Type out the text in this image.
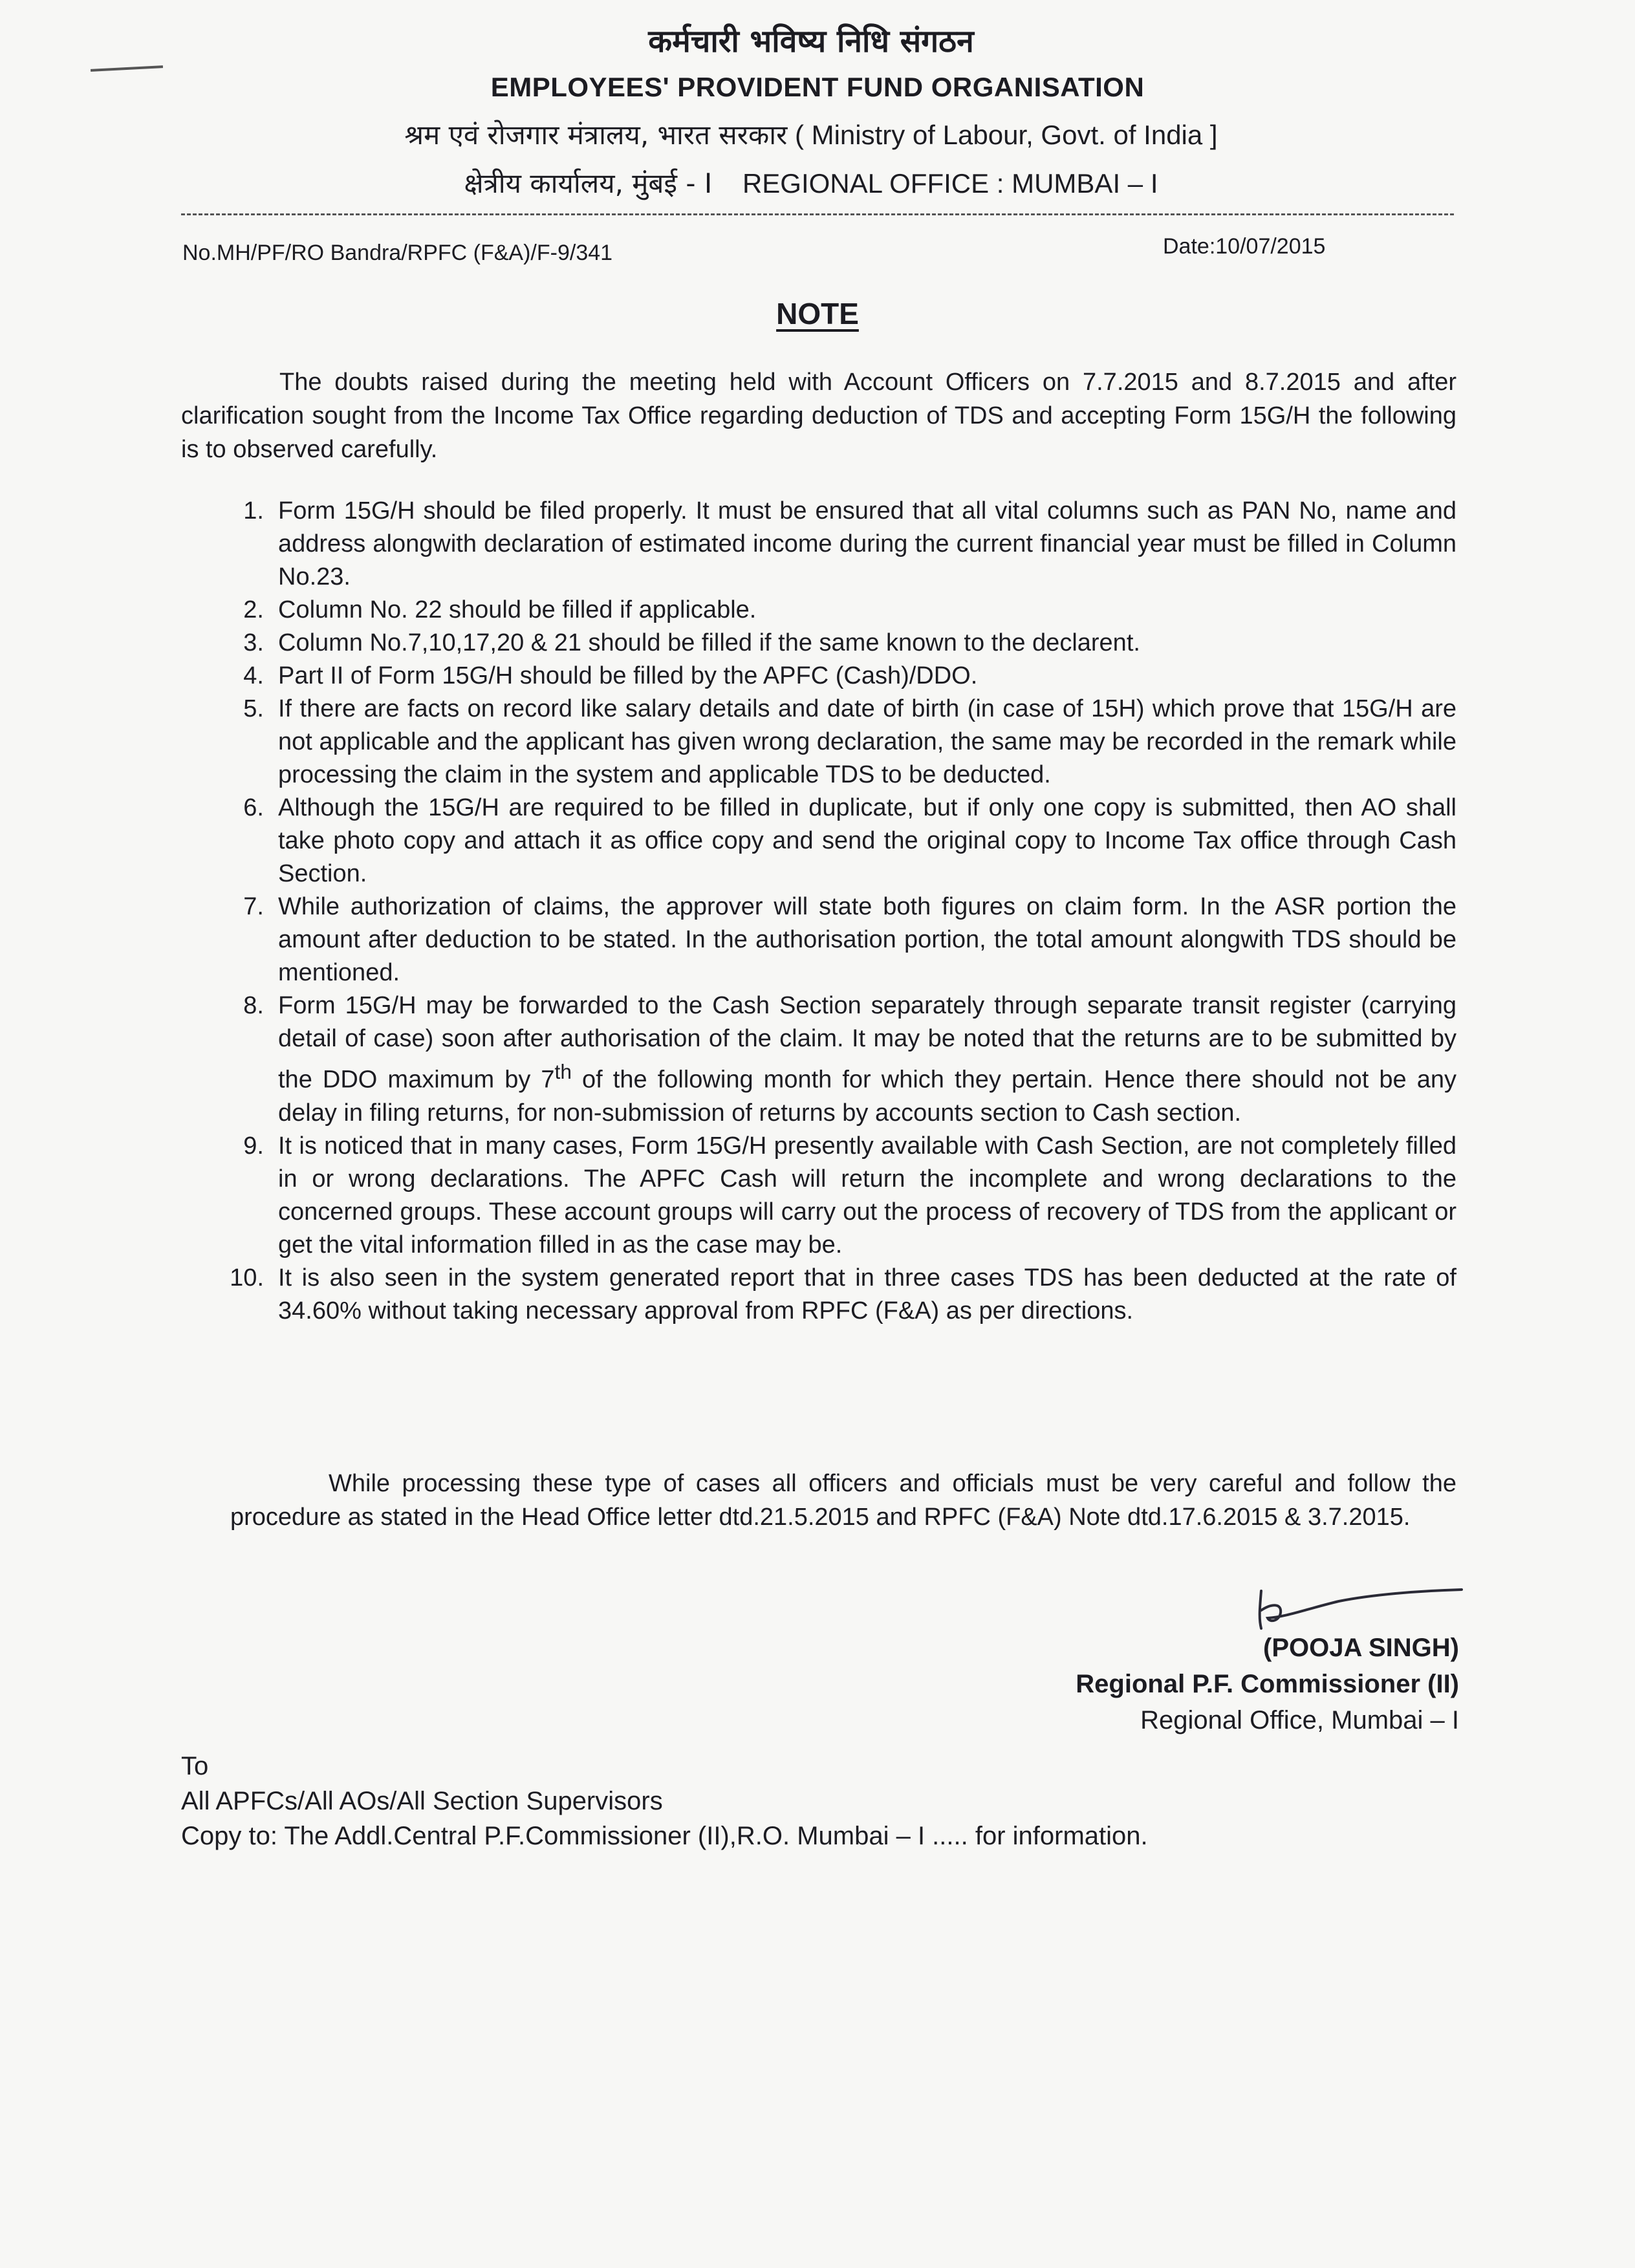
कर्मचारी भविष्य निधि संगठन
EMPLOYEES' PROVIDENT FUND ORGANISATION
श्रम एवं रोजगार मंत्रालय, भारत सरकार ( Ministry of Labour, Govt. of India ]
क्षेत्रीय कार्यालय, मुंबई - I REGIONAL OFFICE : MUMBAI – I
No.MH/PF/RO Bandra/RPFC (F&A)/F-9/341	Date:10/07/2015
NOTE
The doubts raised during the meeting held with Account Officers on 7.7.2015 and 8.7.2015 and after clarification sought from the Income Tax Office regarding deduction of TDS and accepting Form 15G/H the following is to observed carefully.
1. Form 15G/H should be filed properly. It must be ensured that all vital columns such as PAN No, name and address alongwith declaration of estimated income during the current financial year must be filled in Column No.23.
2. Column No. 22 should be filled if applicable.
3. Column No.7,10,17,20 & 21 should be filled if the same known to the declarent.
4. Part II of Form 15G/H should be filled by the APFC (Cash)/DDO.
5. If there are facts on record like salary details and date of birth (in case of 15H) which prove that 15G/H are not applicable and the applicant has given wrong declaration, the same may be recorded in the remark while processing the claim in the system and applicable TDS to be deducted.
6. Although the 15G/H are required to be filled in duplicate, but if only one copy is submitted, then AO shall take photo copy and attach it as office copy and send the original copy to Income Tax office through Cash Section.
7. While authorization of claims, the approver will state both figures on claim form. In the ASR portion the amount after deduction to be stated. In the authorisation portion, the total amount alongwith TDS should be mentioned.
8. Form 15G/H may be forwarded to the Cash Section separately through separate transit register (carrying detail of case) soon after authorisation of the claim. It may be noted that the returns are to be submitted by the DDO maximum by 7th of the following month for which they pertain. Hence there should not be any delay in filing returns, for non-submission of returns by accounts section to Cash section.
9. It is noticed that in many cases, Form 15G/H presently available with Cash Section, are not completely filled in or wrong declarations. The APFC Cash will return the incomplete and wrong declarations to the concerned groups. These account groups will carry out the process of recovery of TDS from the applicant or get the vital information filled in as the case may be.
10. It is also seen in the system generated report that in three cases TDS has been deducted at the rate of 34.60% without taking necessary approval from RPFC (F&A) as per directions.
While processing these type of cases all officers and officials must be very careful and follow the procedure as stated in the Head Office letter dtd.21.5.2015 and RPFC (F&A) Note dtd.17.6.2015 & 3.7.2015.
(POOJA SINGH)
Regional P.F. Commissioner (II)
Regional Office, Mumbai – I
To
All APFCs/All AOs/All Section Supervisors
Copy to: The Addl.Central P.F.Commissioner (II),R.O. Mumbai – I ..... for information.
